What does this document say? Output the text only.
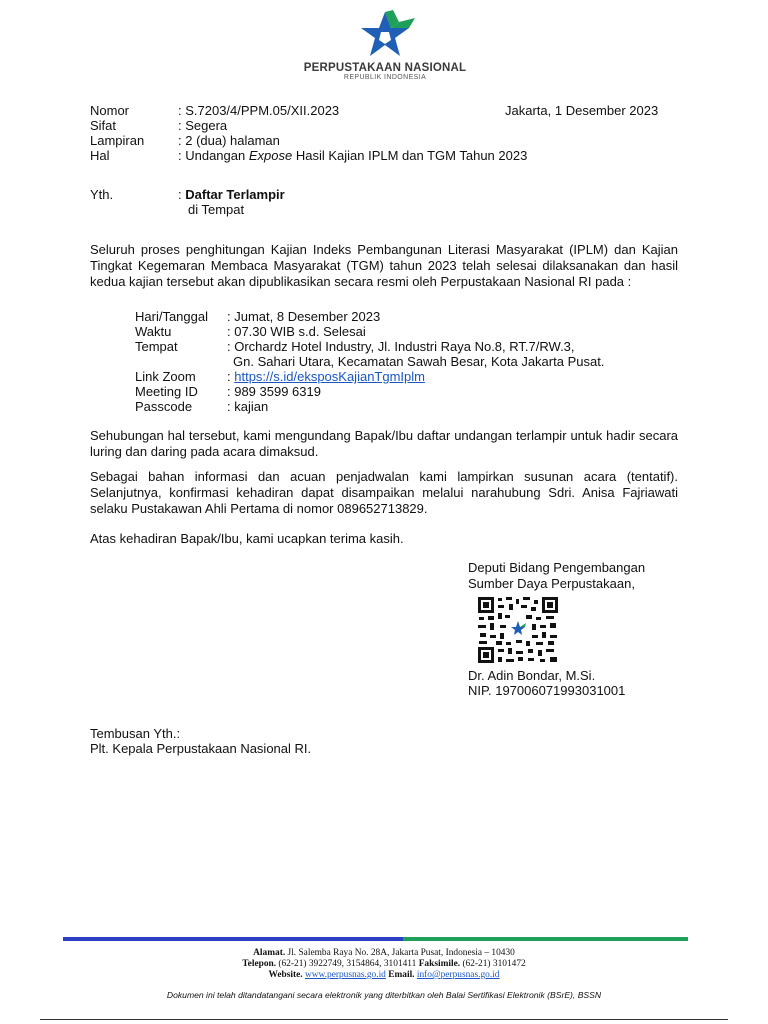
PERPUSTAKAAN NASIONAL
REPUBLIK INDONESIA
Nomor	: S.7203/4/PPM.05/XII.2023	Jakarta, 1 Desember 2023
Sifat	: Segera
Lampiran	: 2 (dua) halaman
Hal	: Undangan Expose Hasil Kajian IPLM dan TGM Tahun 2023
Yth.	: Daftar Terlampir
di Tempat
Seluruh proses penghitungan Kajian Indeks Pembangunan Literasi Masyarakat (IPLM) dan Kajian Tingkat Kegemaran Membaca Masyarakat (TGM) tahun 2023 telah selesai dilaksanakan dan hasil kedua kajian tersebut akan dipublikasikan secara resmi oleh Perpustakaan Nasional RI pada :
Hari/Tanggal : Jumat, 8 Desember 2023
Waktu	: 07.30 WIB s.d. Selesai
Tempat	: Orchardz Hotel Industry, Jl. Industri Raya No.8, RT.7/RW.3,
Gn. Sahari Utara, Kecamatan Sawah Besar, Kota Jakarta Pusat.
Link Zoom : https://s.id/eksposKajianTgmIplm
Meeting ID : 989 3599 6319
Passcode	: kajian
Sehubungan hal tersebut, kami mengundang Bapak/Ibu daftar undangan terlampir untuk hadir secara luring dan daring pada acara dimaksud.
Sebagai bahan informasi dan acuan penjadwalan kami lampirkan susunan acara (tentatif). Selanjutnya, konfirmasi kehadiran dapat disampaikan melalui narahubung Sdri. Anisa Fajriawati selaku Pustakawan Ahli Pertama di nomor 089652713829.
Atas kehadiran Bapak/Ibu, kami ucapkan terima kasih.
Deputi Bidang Pengembangan
Sumber Daya Perpustakaan,
Dr. Adin Bondar, M.Si.
NIP. 197006071993031001
Tembusan Yth.:
Plt. Kepala Perpustakaan Nasional RI.
Alamat. Jl. Salemba Raya No. 28A, Jakarta Pusat, Indonesia – 10430
Telepon. (62-21) 3922749, 3154864, 3101411 Faksimile. (62-21) 3101472
Website. www.perpusnas.go.id Email. info@perpusnas.go.id
Dokumen ini telah ditandatangani secara elektronik yang diterbitkan oleh Balai Sertifikasi Elektronik (BSrE), BSSN
